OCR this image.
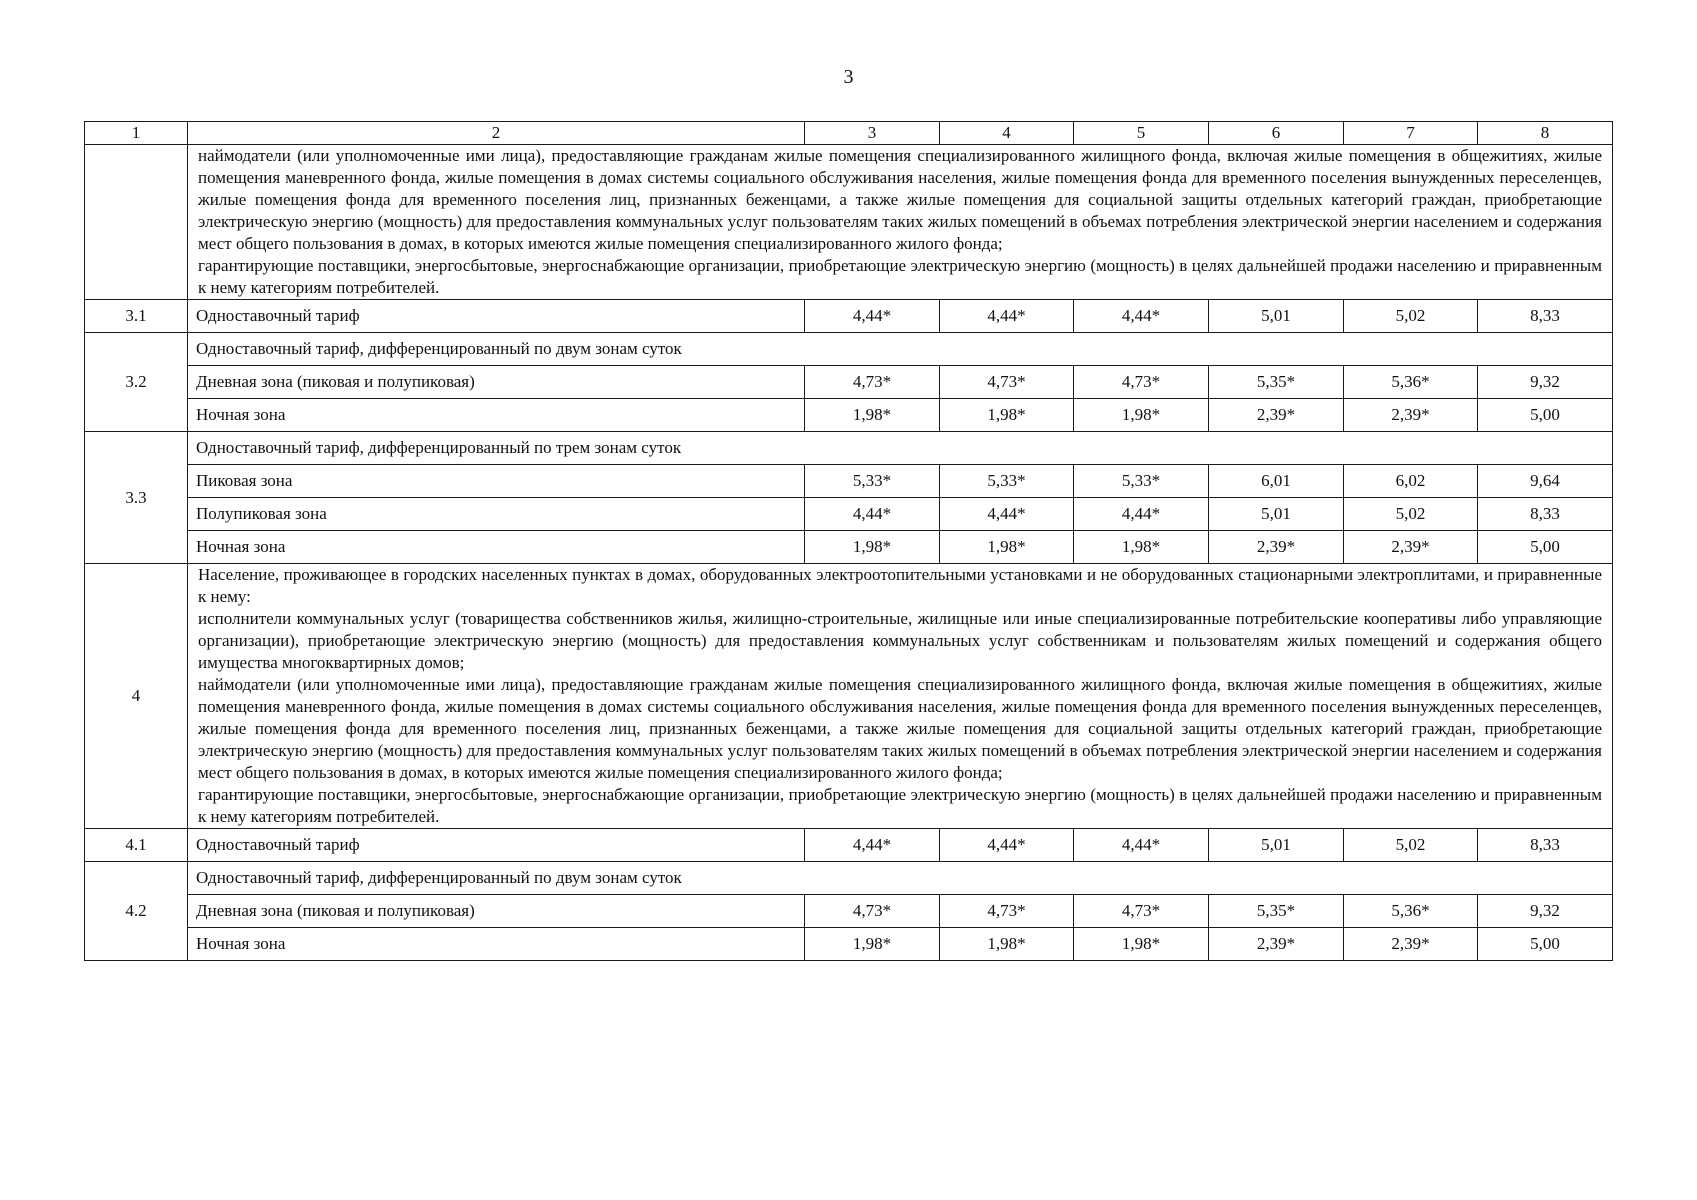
3
1	2	3	4	5	6	7	8

	наймодатели (или уполномоченные ими лица), предоставляющие гражданам жилые помещения специализированного жилищного фонда, включая жилые помещения в общежитиях, жилые помещения маневренного фонда, жилые помещения в домах системы социального обслуживания населения, жилые помещения фонда для временного поселения вынужденных переселенцев, жилые помещения фонда для временного поселения лиц, признанных беженцами, а также жилые помещения для социальной защиты отдельных категорий граждан, приобретающие электрическую энергию (мощность) для предоставления коммунальных услуг пользователям таких жилых помещений в объемах потребления электрической энергии населением и содержания мест общего пользования в домах, в которых имеются жилые помещения специализированного жилого фонда;

гарантирующие поставщики, энергосбытовые, энергоснабжающие организации, приобретающие электрическую энергию (мощность) в целях дальнейшей продажи населению и приравненным к нему категориям потребителей.						

3.1	Одноставочный тариф	4,44*	4,44*	4,44*	5,01	5,02	8,33
3.2	Одноставочный тариф, дифференцированный по двум зонам суток						
	Дневная зона (пиковая и полупиковая)	4,73*	4,73*	4,73*	5,35*	5,36*	9,32
	Ночная зона	1,98*	1,98*	1,98*	2,39*	2,39*	5,00
3.3	Одноставочный тариф, дифференцированный по трем зонам суток						
	Пиковая зона	5,33*	5,33*	5,33*	6,01	6,02	9,64
	Полупиковая зона	4,44*	4,44*	4,44*	5,01	5,02	8,33
	Ночная зона	1,98*	1,98*	1,98*	2,39*	2,39*	5,00
4	Население, проживающее в городских населенных пунктах в домах, оборудованных электроотопительными установками и не оборудованных стационарными электроплитами, и приравненные к нему:

исполнители коммунальных услуг (товарищества собственников жилья, жилищно-строительные, жилищные или иные специализированные потребительские кооперативы либо управляющие организации), приобретающие электрическую энергию (мощность) для предоставления коммунальных услуг собственникам и пользователям жилых помещений и содержания общего имущества многоквартирных домов;

наймодатели (или уполномоченные ими лица), предоставляющие гражданам жилые помещения специализированного жилищного фонда, включая жилые помещения в общежитиях, жилые помещения маневренного фонда, жилые помещения в домах системы социального обслуживания населения, жилые помещения фонда для временного поселения вынужденных переселенцев, жилые помещения фонда для временного поселения лиц, признанных беженцами, а также жилые помещения для социальной защиты отдельных категорий граждан, приобретающие электрическую энергию (мощность) для предоставления коммунальных услуг пользователям таких жилых помещений в объемах потребления электрической энергии населением и содержания мест общего пользования в домах, в которых имеются жилые помещения специализированного жилого фонда;

гарантирующие поставщики, энергосбытовые, энергоснабжающие организации, приобретающие электрическую энергию (мощность) в целях дальнейшей продажи населению и приравненным к нему категориям потребителей.						

4.1	Одноставочный тариф	4,44*	4,44*	4,44*	5,01	5,02	8,33
4.2	Одноставочный тариф, дифференцированный по двум зонам суток						
	Дневная зона (пиковая и полупиковая)	4,73*	4,73*	4,73*	5,35*	5,36*	9,32
	Ночная зона	1,98*	1,98*	1,98*	2,39*	2,39*	5,00
